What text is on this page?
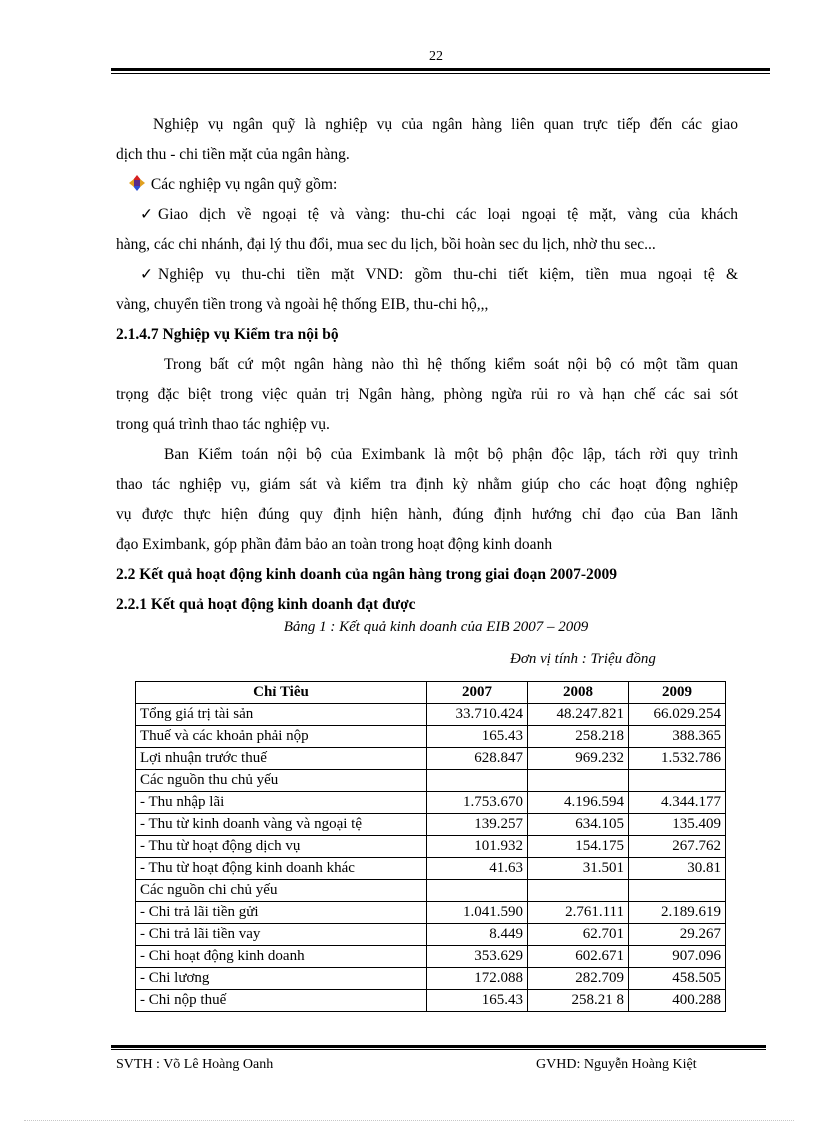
22

Nghiệp vụ ngân quỹ là nghiệp vụ của ngân hàng liên quan trực tiếp đến các giao

dịch thu - chi tiền mặt của ngân hàng.

Các nghiệp vụ ngân quỹ gồm:

✓ Giao dịch về ngoại tệ và vàng: thu-chi các loại ngoại tệ mặt, vàng của khách

hàng, các chi nhánh, đại lý thu đổi, mua sec du lịch, bồi hoàn sec du lịch, nhờ thu sec...

✓ Nghiệp vụ thu-chi tiền mặt VND: gồm thu-chi tiết kiệm, tiền mua ngoại tệ &

vàng, chuyển tiền trong và ngoài hệ thống EIB, thu-chi hộ,,,

2.1.4.7 Nghiệp vụ Kiểm tra nội bộ

Trong bất cứ một ngân hàng nào thì hệ thống kiểm soát nội bộ có một tầm quan

trọng đặc biệt trong việc quản trị Ngân hàng, phòng ngừa rủi ro và hạn chế các sai sót

trong quá trình thao tác nghiệp vụ.

Ban Kiểm toán nội bộ của Eximbank là một bộ phận độc lập, tách rời quy trình

thao tác nghiệp vụ, giám sát và kiểm tra định kỳ nhằm giúp cho các hoạt động nghiệp

vụ được thực hiện đúng quy định hiện hành, đúng định hướng chỉ đạo của Ban lãnh

đạo Eximbank, góp phần đảm bảo an toàn trong hoạt động kinh doanh

2.2 Kết quả hoạt động kinh doanh của ngân hàng trong giai đoạn 2007-2009
2.2.1 Kết quả hoạt động kinh doanh đạt được
Bảng 1 : Kết quả kinh doanh của EIB 2007 – 2009
Đơn vị tính : Triệu đồng
Chỉ Tiêu	2007	2008	2009
Tổng giá trị tài sản	33.710.424	48.247.821	66.029.254
Thuế và các khoản phải nộp	165.43	258.218	388.365
Lợi nhuận trước thuế	628.847	969.232	1.532.786
Các nguồn thu chủ yếu			
- Thu nhập lãi	1.753.670	4.196.594	4.344.177
- Thu từ kinh doanh vàng và ngoại tệ	139.257	634.105	135.409
- Thu từ hoạt động dịch vụ	101.932	154.175	267.762
- Thu từ hoạt động kinh doanh khác	41.63	31.501	30.81
Các nguồn chi chủ yếu			
- Chi trả lãi tiền gửi	1.041.590	2.761.111	2.189.619
- Chi trả lãi tiền vay	8.449	62.701	29.267
- Chi hoạt động kinh doanh	353.629	602.671	907.096
- Chi lương	172.088	282.709	458.505
- Chi nộp thuế	165.43	258.21 8	400.288
SVTH : Võ Lê Hoàng Oanh	GVHD: Nguyễn Hoàng Kiệt
